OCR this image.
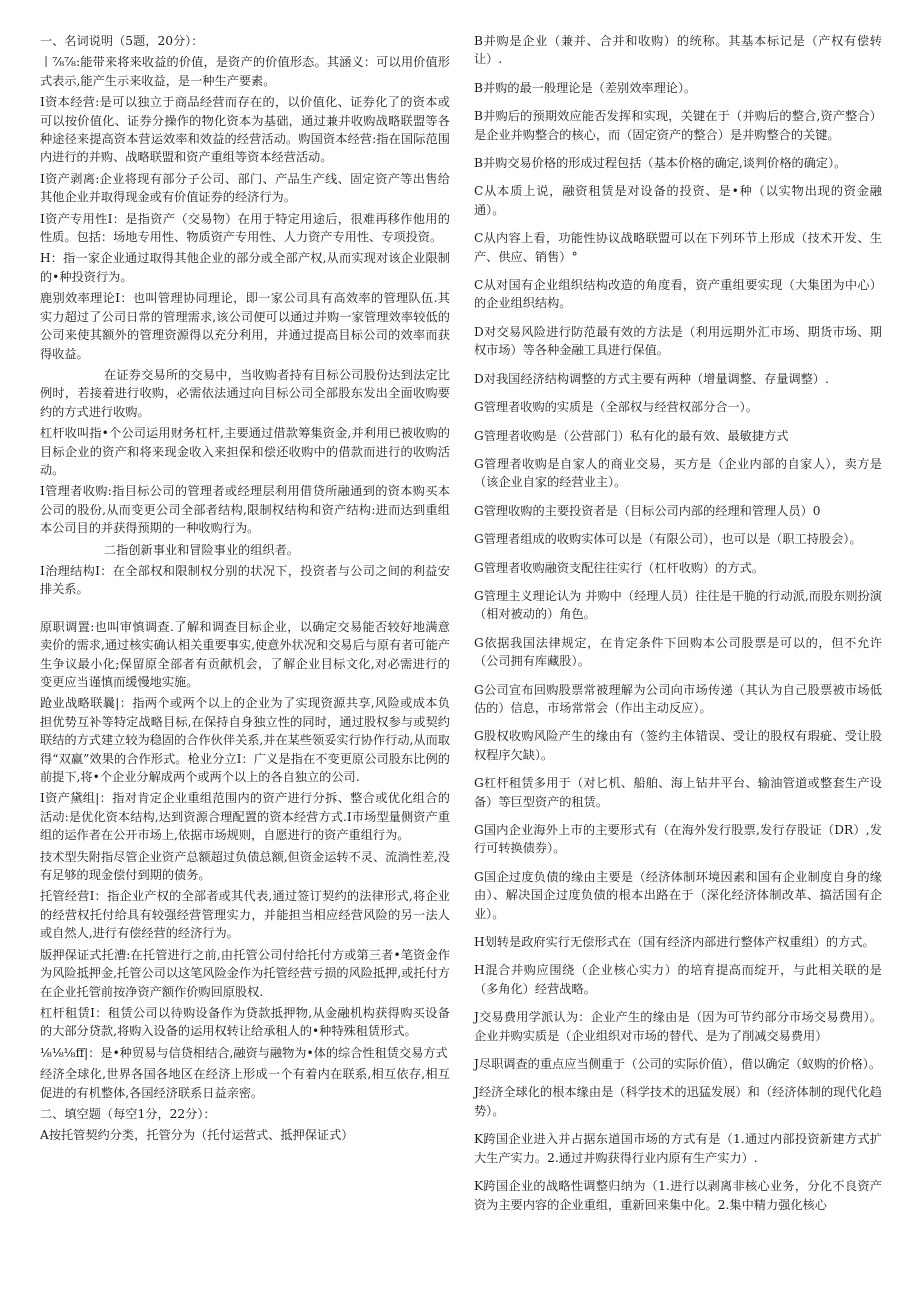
一、名词说明（5题，20分）：

丨⅞⅞:能带来将来收益的价值，是资产的价值形态。其涵义：可以用价值形式表示,能产生示来收益，是一种生产要素。

I资本经营:是可以独立于商品经营而存在的，以价值化、证券化了的资本或可以按价值化、证券分操作的物化资本为基础，通过兼并收购战略联盟等各种途径来提高资本营运效率和效益的经营活动。购国资本经营:指在国际范围内进行的并购、战略联盟和资产重组等资本经营活动。

I资产剥离:企业将现有部分子公司、部门、产品生产线、固定资产等出售给其他企业并取得现金或有价值证券的经济行为。

I资产专用性I：是指资产（交易物）在用于特定用途后，很难再移作他用的性质。包括：场地专用性、物质资产专用性、人力资产专用性、专项投资。

H：指一家企业通过取得其他企业的部分或全部产权,从而实现对该企业限制的•种投资行为。

鹿别效率理论I：也叫管理协同理论，即一家公司具有高效率的管理队伍.其实力超过了公司日常的管理需求,该公司便可以通过并购一家管理效率较低的公司来使其额外的管理资源得以充分利用，并通过提高目标公司的效率而获得收益。

在证券交易所的交易中，当收购者持有目标公司股份达到法定比例时，若接着进行收购，必需依法通过向目标公司全部股东发出全面收购要约的方式进行收购。

杠杆收叫指•个公司运用财务杠杆,主要通过借款筹集资金,并利用已被收购的目标企业的资产和将来现金收入来担保和偿还收购中的借款而进行的收购活动。

I管理者收购:指目标公司的管理者或经理层利用借贷所融通到的资本购买本公司的股份,从而变更公司全部者结构,限制权结构和资产结构:进而达到重组本公司目的并获得预期的一种收购行为。

二指创新事业和冒险事业的组织者。

I治理结构I：在全部权和限制权分别的状况下，投资者与公司之间的利益安排关系。

原职调置:也叫审慎调查.了解和调查目标企业，以确定交易能否较好地满意卖价的需求,通过核实确认相关重要事实,使意外状况和交易后与原有者可能产生争议最小化;保留原全部者有贡献机会，了解企业目标文化,对必需进行的变更应当谨慎而缓慢地实施。

跄业战略联曩|：指两个或两个以上的企业为了实现资源共享,风险或成本负担优势互补等特定战略目标,在保持自身独立性的同时，通过股权参与或契约联结的方式建立较为稳固的合作伙伴关系,并在某些领妥实行协作行动,从而取得“双赢”效果的合作形式。枪业分立I：广义是指在不变更原公司股东比例的前提下,将•个企业分解成两个或两个以上的各自独立的公司.

I资产黛组|：指对肯定企业重组范围内的资产进行分拆、整合或优化组合的活动:是优化资本结构,达到资源合理配置的资本经营方式.I市场型量侧资产重组的运作者在公开市场上,依据市场规则，自愿进行的资产重组行为。

技术型失附指尽管企业资产总额超过负债总额,但资金运转不灵、流淌性差,没有足够的现金偿付到期的债务。

托管经营I：指企业产权的全部者或其代表,通过签订契约的法律形式,将企业的经营权托付给具有较强经营管理实力，并能担当相应经营风险的另一法人或自然人,进行有偿经营的经济行为。

版押保证式托漕:在托管进行之前,由托管公司付给托付方或第三者•笔资金作为风险抵押金,托管公司以这笔风险金作为托管经营亏损的风险抵押,或托付方在企业托管前按净资产额作价购回原股权.

杠杆租赁I：租赁公司以待购设备作为贷款抵押物,从金融机构获得购买设备的大部分贷款,将购入设备的运用权转让给承租人的•种特殊租赁形式。

⅛⅛⅛ff|：是•种贸易与信贷相结合,融资与融物为•体的综合性租赁交易方式

经济全球化,世界各国各地区在经济上形成一个有着内在联系,相互依存,相互促进的有机整体,各国经济联系日益亲密。

二、填空题（每空1分，22分）：

A按托管契约分类，托管分为（托付运营式、抵押保证式）

B并购是企业（兼并、合并和收购）的统称。其基本标记是（产权有偿转让）.

B并购的最一般理论是（差别效率理论）。

B并购后的预期效应能否发挥和实现，关键在于（并购后的整合,资产整合）是企业并购整合的核心，而（固定资产的整合）是并购整合的关键。

B并购交易价格的形成过程包括（基本价格的确定,谈判价格的确定）。

C从本质上说，融资租赁是对设备的投资、是•种（以实物出现的资金融通）。

C从内容上看，功能性协议战略联盟可以在下列环节上形成（技术开发、生产、供应、销售）°

C从对国有企业组织结构改造的角度看，资产重组要实现（大集团为中心）的企业组织结构。

D对交易风险进行防范最有效的方法是（利用远期外汇市场、期货市场、期权市场）等各种金融工具进行保值。

D对我国经济结构调整的方式主要有两种（增量调整、存量调整）.

G管理者收购的实质是（全部权与经营权部分合一）。

G管理者收购是（公营部门）私有化的最有效、最敏捷方式

G管理者收购是自家人的商业交易，买方是（企业内部的自家人），卖方是（该企业自家的经营业主）。

G管理收购的主要投资者是（目标公司内部的经理和管理人员）0

G管理者组成的收购实体可以是（有限公司），也可以是（职工持股会）。

G管理者收购融资支配往往实行（杠杆收购）的方式。

G管理主义理论认为 并购中（经理人员）往往是干脆的行动派,而股东则扮演（相对被动的）角色。

G依据我国法律规定，在肯定条件下回购本公司股票是可以的，但不允许（公司拥有库藏股）。

G公司宣布回购股票常被理解为公司向市场传递（其认为自己股票被市场低估的）信息，市场常常会（作出主动反应）。

G股权收购风险产生的缘由有（签约主体错误、受让的股权有瑕疵、受让股权程序欠缺）。

G杠杆租赁多用于（对匕机、船舶、海上钻井平台、输油管道或整套生产设备）等巨型资产的租赁。

G国内企业海外上市的主要形式有（在海外发行股票,发行存股证（DR）,发行可转换债券）。

G国企过度负债的缘由主要是（经济体制环境因素和国有企业制度自身的缘由）、解决国企过度负债的根本出路在于（深化经济体制改革、搞活国有企业）。

H划转是政府实行无偿形式在（国有经济内部进行整体产权重组）的方式。

H混合并购应围绕（企业核心实力）的培育提高而绽开，与此相关联的是（多角化）经营战略。

J交易费用学派认为：企业产生的缘由是（因为可节约部分市场交易费用）。企业并购实质是（企业组织对市场的替代、是为了削减交易费用）

J尽职调查的重点应当侧重于（公司的实际价值），借以确定（蚁购的价格）。

J经济全球化的根本缘由是（科学技术的迅猛发展）和（经济体制的现代化趋势）。

K跨国企业进入并占据东道国市场的方式有是（1.通过内部投资新建方式扩大生产实力。2.通过并购获得行业内原有生产实力）.

K跨国企业的战略性调整归纳为（1.进行以剥离非核心业务，分化不良资产资为主要内容的企业重组，重新回来集中化。2.集中精力强化核心
